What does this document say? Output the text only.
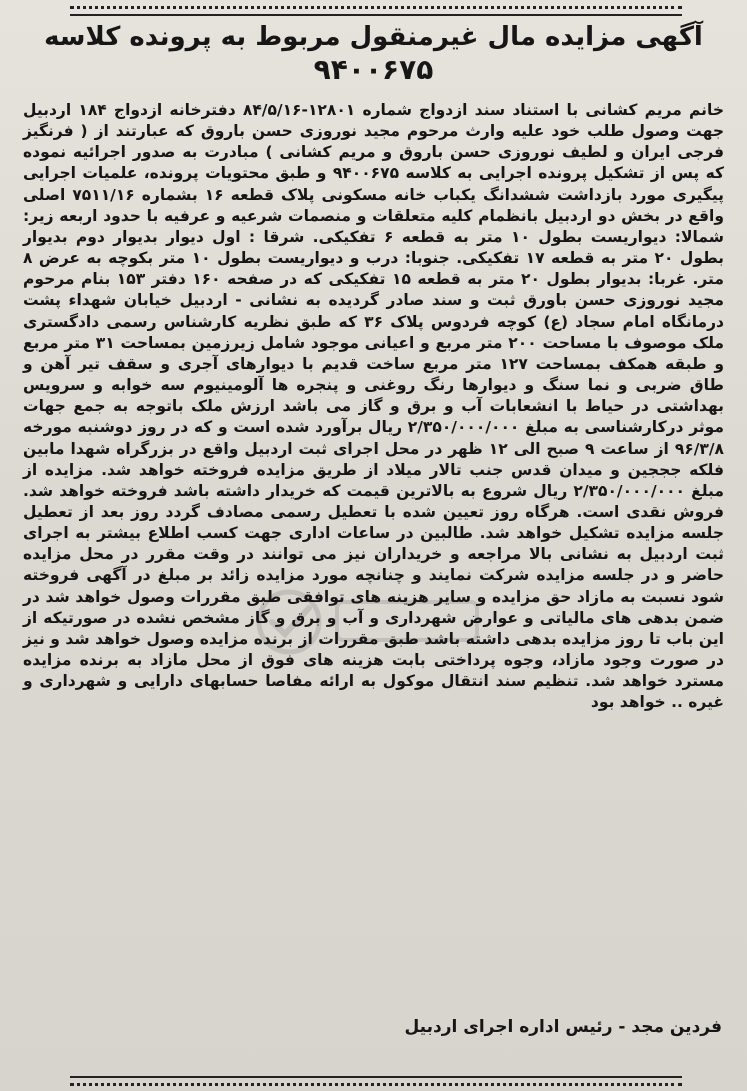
آگهی مزایده مال غیرمنقول مربوط به پرونده کلاسه
۹۴۰۰۶۷۵
خانم مریم کشانی با استناد سند ازدواج شماره ۱۲۸۰۱-۸۴/۵/۱۶ دفترخانه ازدواج ۱۸۴ اردبیل جهت وصول طلب خود علیه وارث مرحوم مجید نوروزی حسن باروق که عبارتند از ( فرنگیز فرجی ایران و لطیف نوروزی حسن باروق و مریم کشانی ) مبادرت به صدور اجرائیه نموده که پس از تشکیل پرونده اجرایی به کلاسه ۹۴۰۰۶۷۵ و طبق محتویات پرونده، علمیات اجرایی پیگیری مورد بازداشت ششدانگ یکباب خانه مسکونی پلاک قطعه ۱۶ بشماره ۷۵۱۱/۱۶ اصلی واقع در بخش دو اردبیل بانظمام کلیه متعلقات و منصمات شرعیه و عرفیه با حدود اربعه زیر: شمالا: دیواریست بطول ۱۰ متر به قطعه ۶ تفکیکی. شرقا : اول دیوار بدیوار دوم بدیوار بطول ۲۰ متر به قطعه ۱۷ تفکیکی. جنوبا: درب و دیواریست بطول ۱۰ متر بکوچه به عرض ۸ متر. غربا: بدیوار بطول ۲۰ متر به قطعه ۱۵ تفکیکی که در صفحه ۱۶۰ دفتر ۱۵۳ بنام مرحوم مجید نوروزی حسن باورق ثبت و سند صادر گردیده به نشانی - اردبیل خیابان شهداء پشت درمانگاه امام سجاد (ع) کوچه فردوس پلاک ۳۶ که طبق نظریه کارشناس رسمی دادگستری ملک موصوف با مساحت ۲۰۰ متر مربع و اعیانی موجود شامل زیرزمین بمساحت ۳۱ متر مربع و طبقه همکف بمساحت ۱۲۷ متر مربع ساخت قدیم با دیوارهای آجری و سقف تیر آهن و طاق ضربی و نما سنگ و دیوارها رنگ روغنی و پنجره ها آلومینیوم سه خوابه و سرویس بهداشتی در حیاط با انشعابات آب و برق و گاز می باشد ارزش ملک باتوجه به جمع جهات موثر درکارشناسی به مبلغ ۲/۳۵۰/۰۰۰/۰۰۰ ریال برآورد شده است و که در روز دوشنبه مورخه ۹۶/۳/۸ از ساعت ۹ صبح الی ۱۲ ظهر در محل اجرای ثبت اردبیل واقع در بزرگراه شهدا مابین فلکه جججین و میدان قدس جنب تالار میلاد از طریق مزایده فروخته خواهد شد. مزایده از مبلغ ۲/۳۵۰/۰۰۰/۰۰۰ ریال شروع به بالاترین قیمت که خریدار داشته باشد فروخته خواهد شد. فروش نقدی است. هرگاه روز تعیین شده با تعطیل رسمی مصادف گردد روز بعد از تعطیل جلسه مزایده تشکیل خواهد شد. طالبین در ساعات اداری جهت کسب اطلاع بیشتر به اجرای ثبت اردبیل به نشانی بالا مراجعه و خریداران نیز می توانند در وقت مقرر در محل مزایده حاضر و در جلسه مزایده شرکت نمایند و چنانچه مورد مزایده زائد بر مبلغ در آگهی فروخته شود نسبت به مازاد حق مزایده و سایر هزینه های توافقی طبق مقررات وصول خواهد شد در ضمن بدهی های مالیاتی و عوارض شهرداری و آب و برق و گاز مشخص نشده در صورتیکه از این باب تا روز مزایده بدهی داشته باشد طبق مقررات از برنده مزایده وصول خواهد شد و نیز در صورت وجود مازاد، وجوه پرداختی بابت هزینه های فوق از محل مازاد به برنده مزایده مسترد خواهد شد. تنظیم سند انتقال موکول به ارائه مفاصا حسابهای دارایی و شهرداری و غیره .. خواهد بود
فردین مجد - رئیس اداره اجرای اردبیل
